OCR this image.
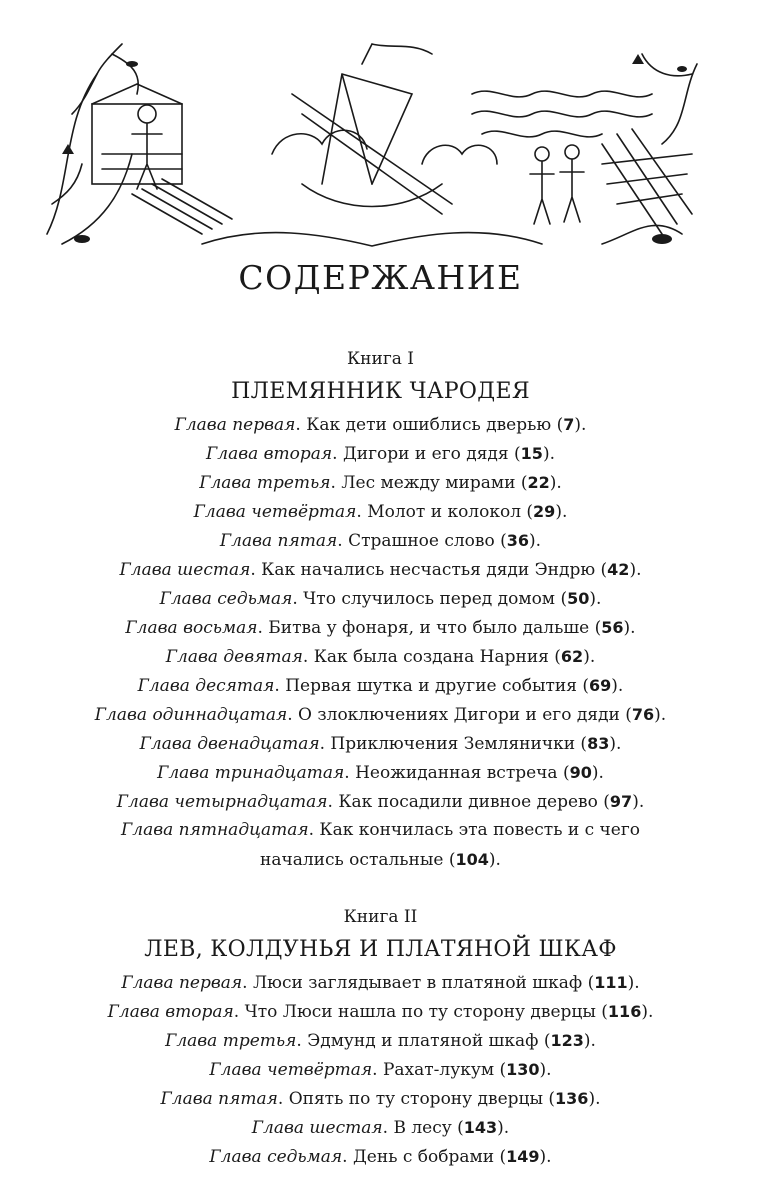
СОДЕРЖАНИЕ
Книга I
ПЛЕМЯННИК ЧАРОДЕЯ
Глава первая. Как дети ошиблись дверью (7).
Глава вторая. Дигори и его дядя (15).
Глава третья. Лес между мирами (22).
Глава четвёртая. Молот и колокол (29).
Глава пятая. Страшное слово (36).
Глава шестая. Как начались несчастья дяди Эндрю (42).
Глава седьмая. Что случилось перед домом (50).
Глава восьмая. Битва у фонаря, и что было дальше (56).
Глава девятая. Как была создана Нарния (62).
Глава десятая. Первая шутка и другие события (69).
Глава одиннадцатая. О злоключениях Дигори и его дяди (76).
Глава двенадцатая. Приключения Землянички (83).
Глава тринадцатая. Неожиданная встреча (90).
Глава четырнадцатая. Как посадили дивное дерево (97).
Глава пятнадцатая. Как кончилась эта повесть и с чего
начались остальные (104).
Книга II
ЛЕВ, КОЛДУНЬЯ И ПЛАТЯНОЙ ШКАФ
Глава первая. Люси заглядывает в платяной шкаф (111).
Глава вторая. Что Люси нашла по ту сторону дверцы (116).
Глава третья. Эдмунд и платяной шкаф (123).
Глава четвёртая. Рахат-лукум (130).
Глава пятая. Опять по ту сторону дверцы (136).
Глава шестая. В лесу (143).
Глава седьмая. День с бобрами (149).
